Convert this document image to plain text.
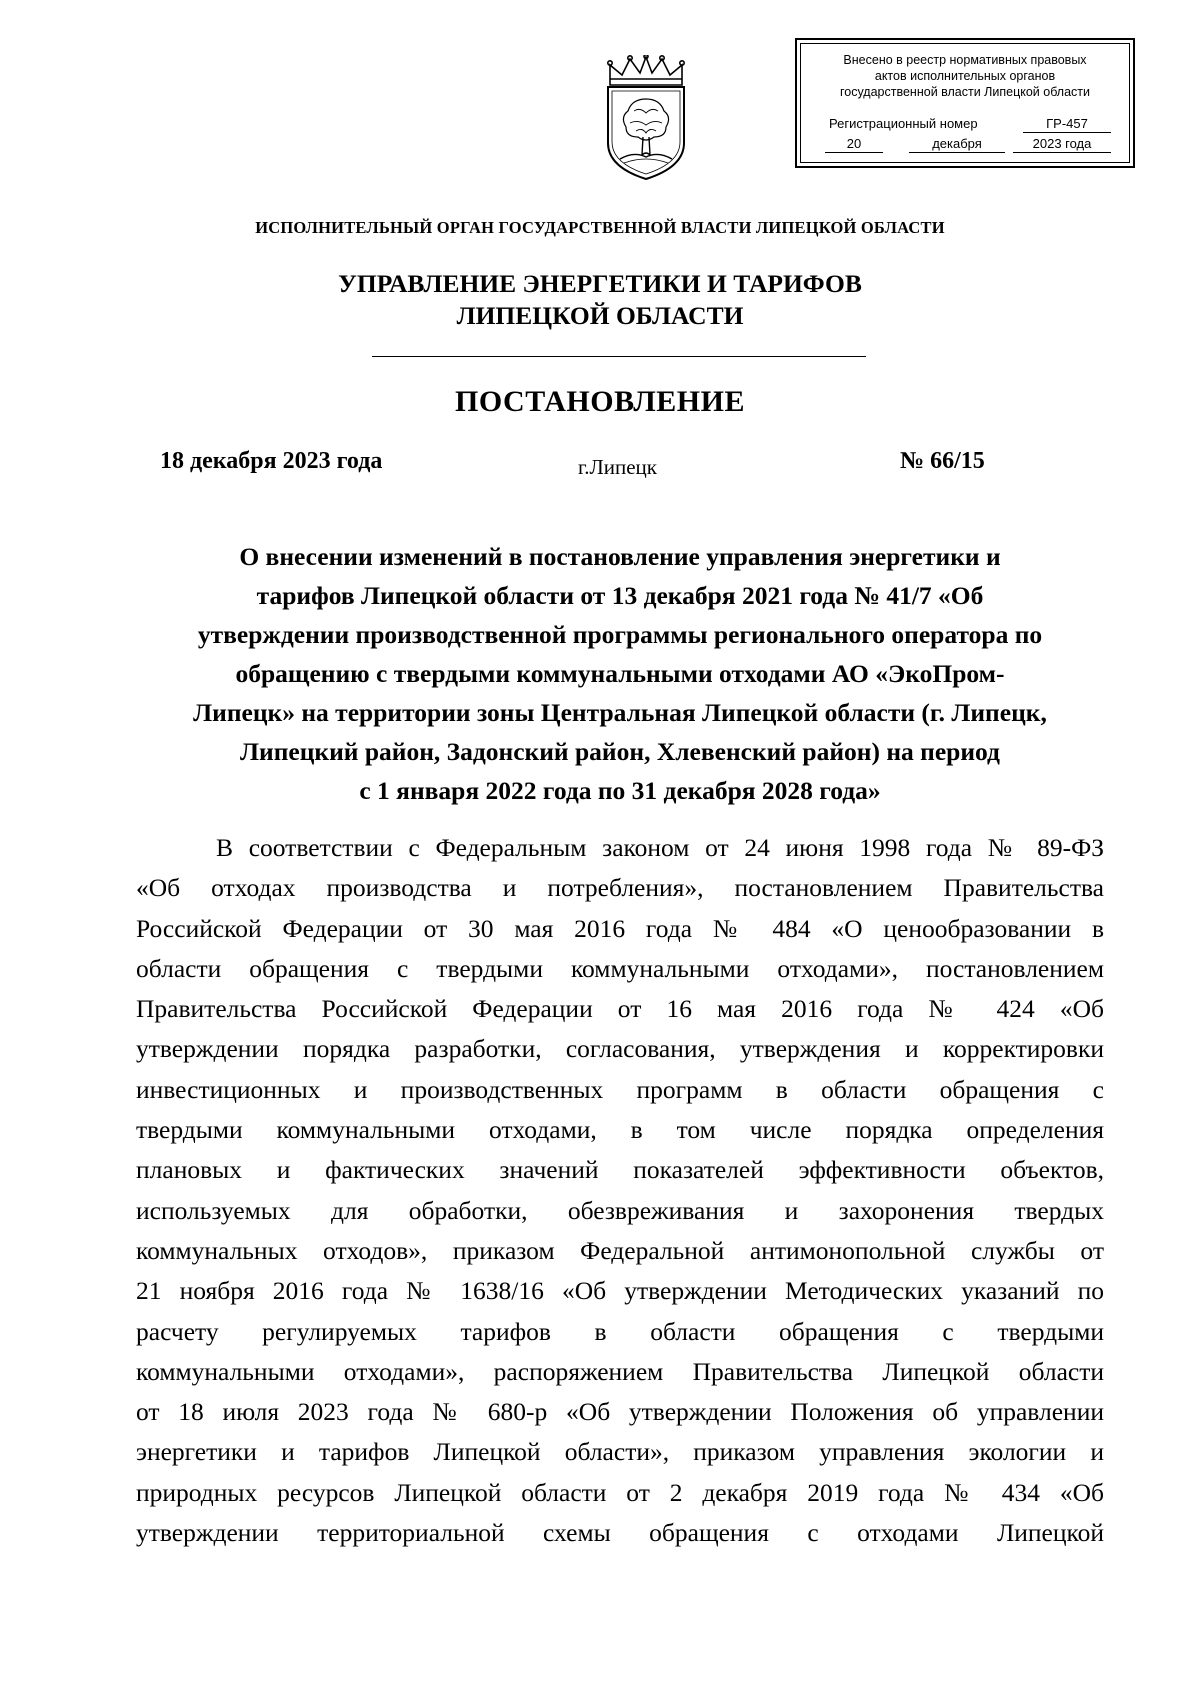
Внесено в реестр нормативных правовых
актов исполнительных органов
государственной власти Липецкой области
Регистрационный номер	ГР-457
20	декабря	2023 года
ИСПОЛНИТЕЛЬНЫЙ ОРГАН ГОСУДАРСТВЕННОЙ ВЛАСТИ ЛИПЕЦКОЙ ОБЛАСТИ
УПРАВЛЕНИЕ ЭНЕРГЕТИКИ И ТАРИФОВ
ЛИПЕЦКОЙ ОБЛАСТИ
ПОСТАНОВЛЕНИЕ
18 декабря 2023 года	г.Липецк	№ 66/15
О внесении изменений в постановление управления энергетики и
тарифов Липецкой области от 13 декабря 2021 года № 41/7 «Об
утверждении производственной программы регионального оператора по
обращению с твердыми коммунальными отходами АО «ЭкоПром-
Липецк» на территории зоны Центральная Липецкой области (г. Липецк,
Липецкий район, Задонский район, Хлевенский район) на период
с 1 января 2022 года по 31 декабря 2028 года»
В соответствии с Федеральным законом от 24 июня 1998 года № 89-ФЗ
«Об отходах производства и потребления», постановлением Правительства
Российской Федерации от 30 мая 2016 года № 484 «О ценообразовании в
области обращения с твердыми коммунальными отходами», постановлением
Правительства Российской Федерации от 16 мая 2016 года № 424 «Об
утверждении порядка разработки, согласования, утверждения и корректировки
инвестиционных и производственных программ в области обращения с
твердыми коммунальными отходами, в том числе порядка определения
плановых и фактических значений показателей эффективности объектов,
используемых для обработки, обезвреживания и захоронения твердых
коммунальных отходов», приказом Федеральной антимонопольной службы от
21 ноября 2016 года № 1638/16 «Об утверждении Методических указаний по
расчету регулируемых тарифов в области обращения с твердыми
коммунальными отходами», распоряжением Правительства Липецкой области
от 18 июля 2023 года № 680-р «Об утверждении Положения об управлении
энергетики и тарифов Липецкой области», приказом управления экологии и
природных ресурсов Липецкой области от 2 декабря 2019 года № 434 «Об
утверждении территориальной схемы обращения с отходами Липецкой
